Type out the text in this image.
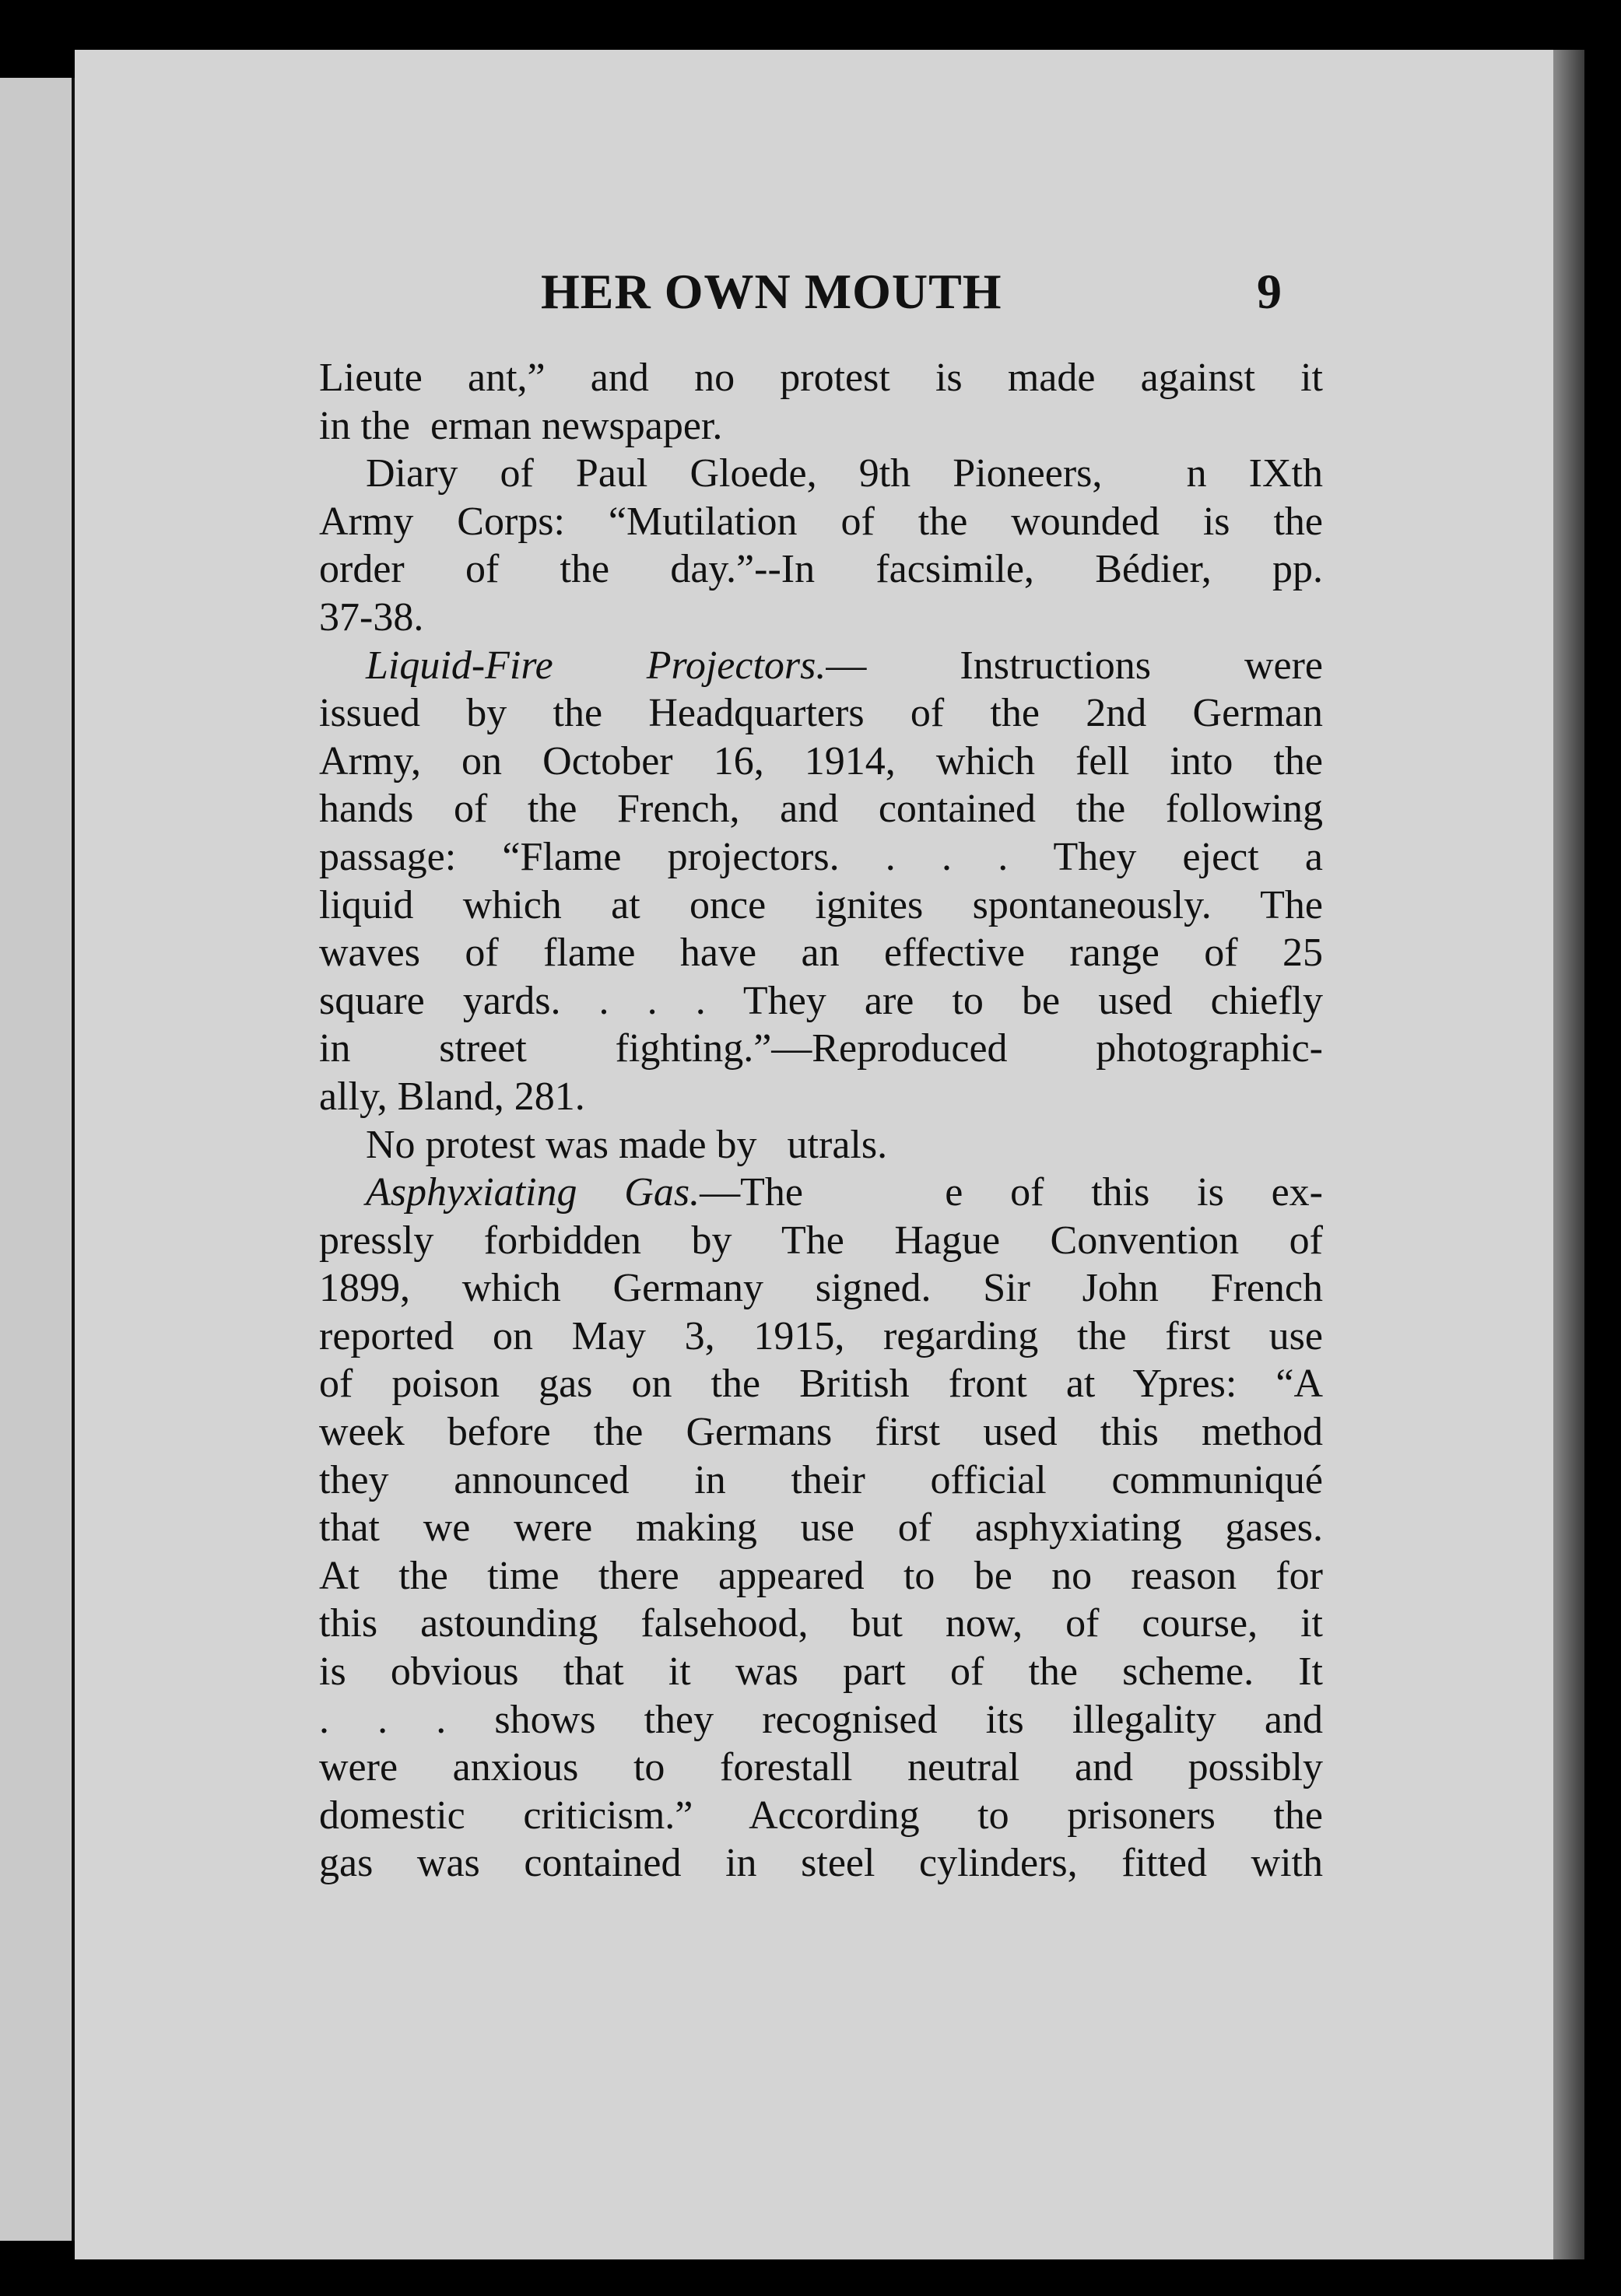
HER OWN MOUTH	9
Lieute ant,” and no protest is made against it
in the  erman newspaper.
Diary of Paul Gloede, 9th Pioneers,  n IXth
Army Corps: “Mutilation of the wounded is the
order of the day.”--In facsimile, Bédier, pp.
37-38.
Liquid-Fire Projectors.— Instructions were
issued by the Headquarters of the 2nd German
Army, on October 16, 1914, which fell into the
hands of the French, and contained the following
passage: “Flame projectors. . . . They eject a
liquid which at once ignites spontaneously. The
waves of flame have an effective range of 25
square yards. . . . They are to be used chiefly
in street fighting.”—Reproduced photographic-
ally, Bland, 281.
No protest was made by   utrals.
Asphyxiating Gas.—The   e of this is ex-
pressly forbidden by The Hague Convention of
1899, which Germany signed. Sir John French
reported on May 3, 1915, regarding the first use
of poison gas on the British front at Ypres: “A
week before the Germans first used this method
they announced in their official communiqué
that we were making use of asphyxiating gases.
At the time there appeared to be no reason for
this astounding falsehood, but now, of course, it
is obvious that it was part of the scheme. It
. . . shows they recognised its illegality and
were anxious to forestall neutral and possibly
domestic criticism.” According to prisoners the
gas was contained in steel cylinders, fitted with
